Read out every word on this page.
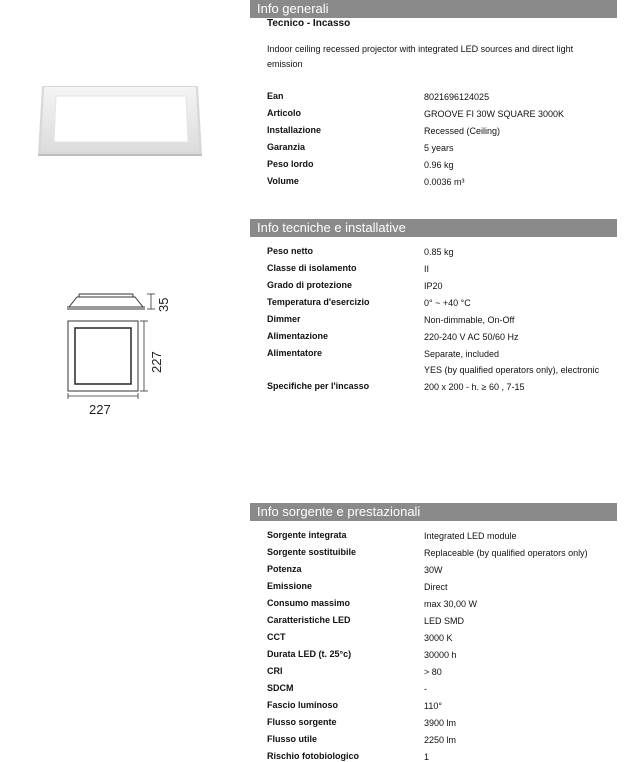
35
227
227
Info generali
Tecnico - Incasso
Indoor ceiling recessed projector with integrated LED sources and direct light emission
Ean	8021696124025
Articolo	GROOVE FI 30W SQUARE 3000K
Installazione	Recessed (Ceiling)
Garanzia	5 years
Peso lordo	0.96 kg
Volume	0.0036 m³
Info tecniche e installative
Peso netto	0.85 kg
Classe di isolamento	II
Grado di protezione	IP20
Temperatura d'esercizio	0° ~ +40 °C
Dimmer	Non-dimmable, On-Off
Alimentazione	220-240 V AC 50/60 Hz
Alimentatore	Separate, included
YES (by qualified operators only), electronic
Specifiche per l'incasso	200 x 200 - h. ≥ 60 , 7-15
Info sorgente e prestazionali
Sorgente integrata	Integrated LED module
Sorgente sostituibile	Replaceable (by qualified operators only)
Potenza	30W
Emissione	Direct
Consumo massimo	max 30,00 W
Caratteristiche LED	LED SMD
CCT	3000 K
Durata LED (t. 25°c)	30000 h
CRI	> 80
SDCM	-
Fascio luminoso	110°
Flusso sorgente	3900 lm
Flusso utile	2250 lm
Rischio fotobiologico	1
